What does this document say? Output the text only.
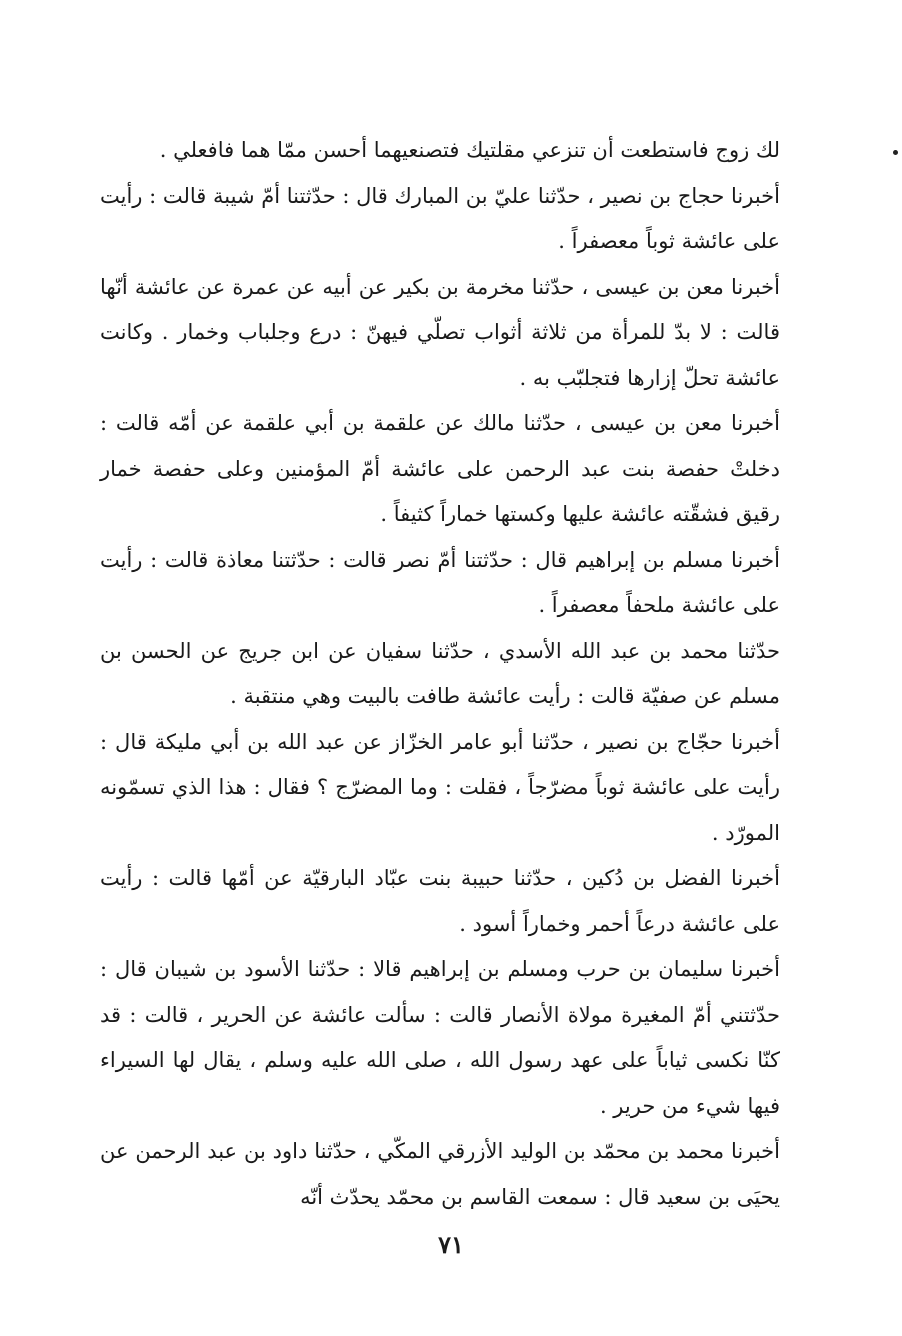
لك زوج فاستطعت أن تنزعي مقلتيك فتصنعيهما أحسن ممّا هما فافعلي .

أخبرنا حجاج بن نصير ، حدّثنا عليّ بن المبارك قال : حدّثتنا أمّ شيبة قالت : رأيت على عائشة ثوباً معصفراً .

أخبرنا معن بن عيسى ، حدّثنا مخرمة بن بكير عن أبيه عن عمرة عن عائشة أنّها قالت : لا بدّ للمرأة من ثلاثة أثواب تصلّي فيهنّ : درع وجلباب وخمار . وكانت عائشة تحلّ إزارها فتجلبّب به .

أخبرنا معن بن عيسى ، حدّثنا مالك عن علقمة بن أبي علقمة عن أمّه قالت : دخلتْ حفصة بنت عبد الرحمن على عائشة أمّ المؤمنين وعلى حفصة خمار رقيق فشقّته عائشة عليها وكستها خماراً كثيفاً .

أخبرنا مسلم بن إبراهيم قال : حدّثتنا أمّ نصر قالت : حدّثتنا معاذة قالت : رأيت على عائشة ملحفاً معصفراً .

حدّثنا محمد بن عبد الله الأسدي ، حدّثنا سفيان عن ابن جريج عن الحسن بن مسلم عن صفيّة قالت : رأيت عائشة طافت بالبيت وهي منتقبة .

أخبرنا حجّاج بن نصير ، حدّثنا أبو عامر الخزّاز عن عبد الله بن أبي مليكة قال : رأيت على عائشة ثوباً مضرّجاً ، فقلت : وما المضرّج ؟ فقال : هذا الذي تسمّونه المورّد .

أخبرنا الفضل بن دُكين ، حدّثنا حبيبة بنت عبّاد البارقيّة عن أمّها قالت : رأيت على عائشة درعاً أحمر وخماراً أسود .

أخبرنا سليمان بن حرب ومسلم بن إبراهيم قالا : حدّثنا الأسود بن شيبان قال : حدّثتني أمّ المغيرة مولاة الأنصار قالت : سألت عائشة عن الحرير ، قالت : قد كنّا نكسى ثياباً على عهد رسول الله ، صلى الله عليه وسلم ، يقال لها السيراء فيها شيء من حرير .

أخبرنا محمد بن محمّد بن الوليد الأزرقي المكّي ، حدّثنا داود بن عبد الرحمن عن يحيَى بن سعيد قال : سمعت القاسم بن محمّد يحدّث أنّه

٧١
